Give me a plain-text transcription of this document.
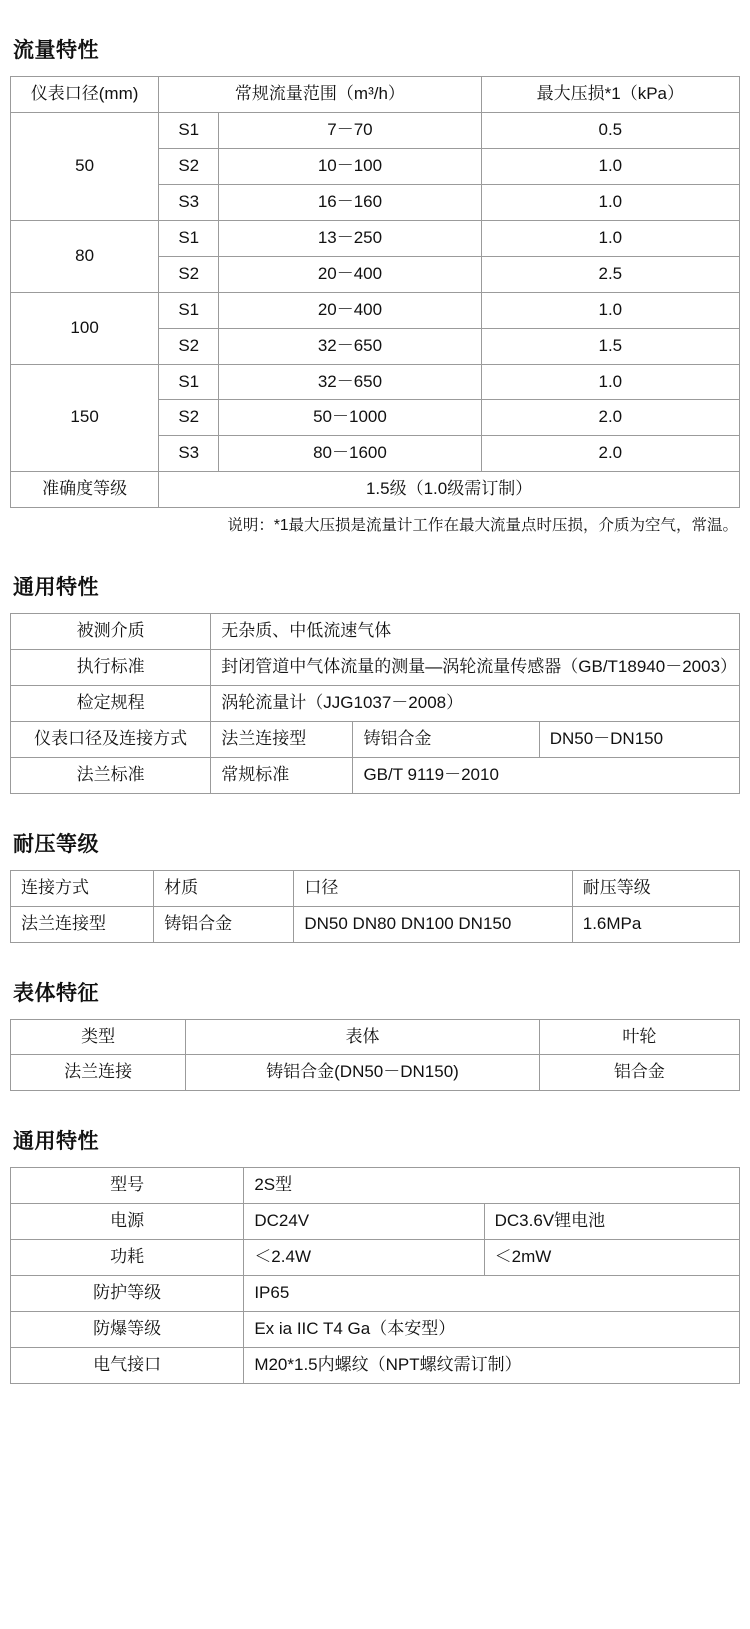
流量特性
仪表口径(mm)	常规流量范围（m³/h）		最大压损*1（kPa）
50	S1	7－70	0.5
	S2	10－100	1.0
	S3	16－160	1.0
80	S1	13－250	1.0
	S2	20－400	2.5
100	S1	20－400	1.0
	S2	32－650	1.5
150	S1	32－650	1.0
	S2	50－1000	2.0
	S3	80－1600	2.0
准确度等级	1.5级（1.0级需订制）		
说明：*1最大压损是流量计工作在最大流量点时压损，介质为空气，常温。
通用特性
被测介质	无杂质、中低流速气体		
执行标准	封闭管道中气体流量的测量—涡轮流量传感器（GB/T18940－2003）		
检定规程	涡轮流量计（JJG1037－2008）		
仪表口径及连接方式	法兰连接型	铸铝合金	DN50－DN150
法兰标准	常规标准	GB/T 9119－2010	
耐压等级
连接方式	材质	口径	耐压等级
法兰连接型	铸铝合金	DN50 DN80 DN100 DN150	1.6MPa
表体特征
类型	表体	叶轮
法兰连接	铸铝合金(DN50－DN150)	铝合金
通用特性
型号	2S型	
电源	DC24V	DC3.6V锂电池
功耗	＜2.4W	＜2mW
防护等级	IP65	
防爆等级	Ex ia IIC T4 Ga（本安型）	
电气接口	M20*1.5内螺纹（NPT螺纹需订制）	
